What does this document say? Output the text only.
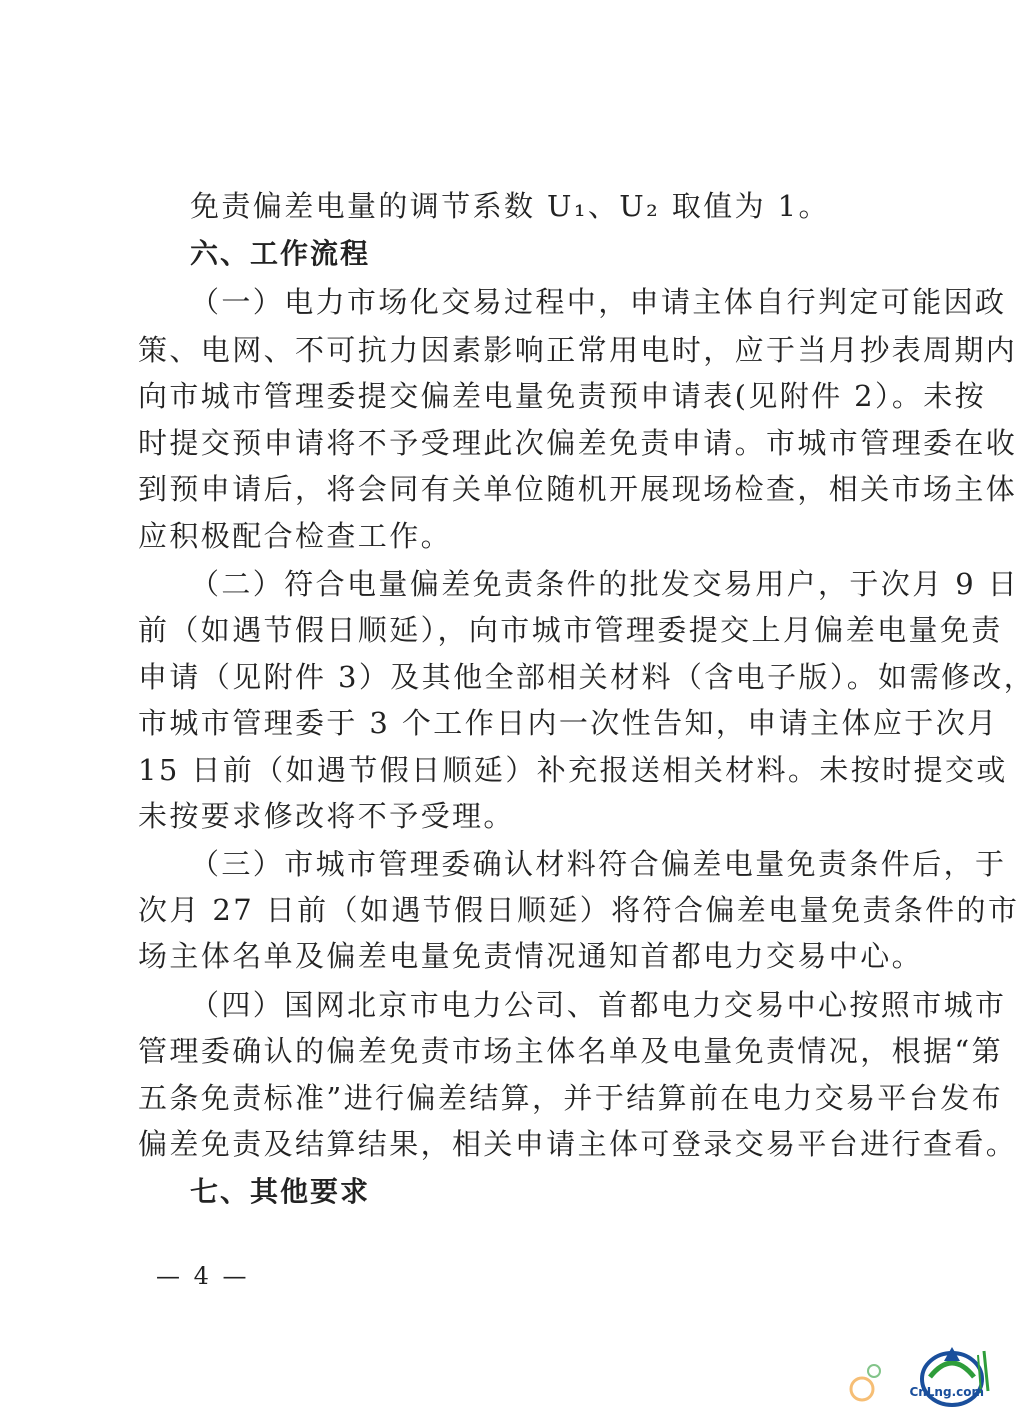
免责偏差电量的调节系数 U₁、U₂ 取值为 1。
六、工作流程
（一）电力市场化交易过程中，申请主体自行判定可能因政
策、电网、不可抗力因素影响正常用电时，应于当月抄表周期内
向市城市管理委提交偏差电量免责预申请表(见附件 2）。未按
时提交预申请将不予受理此次偏差免责申请。市城市管理委在收
到预申请后，将会同有关单位随机开展现场检查，相关市场主体
应积极配合检查工作。
（二）符合电量偏差免责条件的批发交易用户，于次月 9 日
前（如遇节假日顺延），向市城市管理委提交上月偏差电量免责
申请（见附件 3）及其他全部相关材料（含电子版）。如需修改，
市城市管理委于 3 个工作日内一次性告知，申请主体应于次月
15 日前（如遇节假日顺延）补充报送相关材料。未按时提交或
未按要求修改将不予受理。
（三）市城市管理委确认材料符合偏差电量免责条件后，于
次月 27 日前（如遇节假日顺延）将符合偏差电量免责条件的市
场主体名单及偏差电量免责情况通知首都电力交易中心。
（四）国网北京市电力公司、首都电力交易中心按照市城市
管理委确认的偏差免责市场主体名单及电量免责情况，根据“第
五条免责标准”进行偏差结算，并于结算前在电力交易平台发布
偏差免责及结算结果，相关申请主体可登录交易平台进行查看。
七、其他要求
— 4 —
CnLng.com
